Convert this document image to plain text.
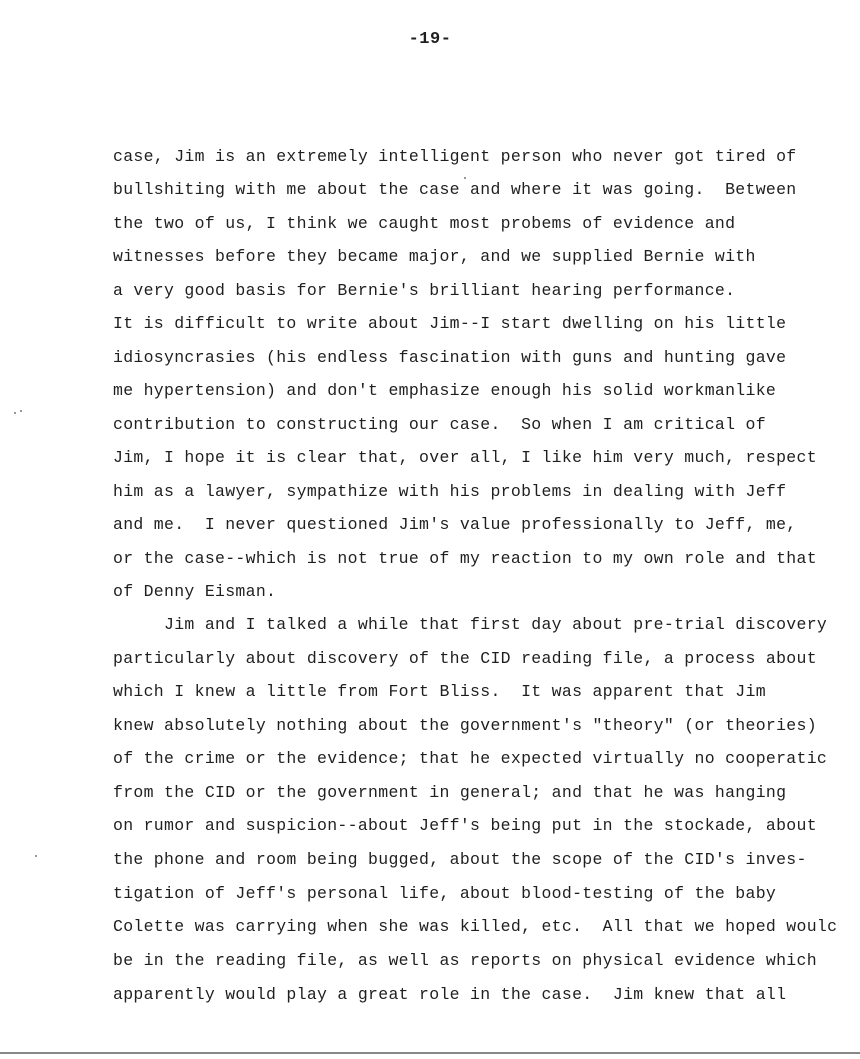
-19-
case, Jim is an extremely intelligent person who never got tired of
bullshiting with me about the case and where it was going.  Between
the two of us, I think we caught most probems of evidence and
witnesses before they became major, and we supplied Bernie with
a very good basis for Bernie's brilliant hearing performance.
It is difficult to write about Jim--I start dwelling on his little
idiosyncrasies (his endless fascination with guns and hunting gave
me hypertension) and don't emphasize enough his solid workmanlike
contribution to constructing our case.  So when I am critical of
Jim, I hope it is clear that, over all, I like him very much, respect
him as a lawyer, sympathize with his problems in dealing with Jeff
and me.  I never questioned Jim's value professionally to Jeff, me,
or the case--which is not true of my reaction to my own role and that
of Denny Eisman.
Jim and I talked a while that first day about pre-trial discovery
particularly about discovery of the CID reading file, a process about
which I knew a little from Fort Bliss.  It was apparent that Jim
knew absolutely nothing about the government's "theory" (or theories)
of the crime or the evidence; that he expected virtually no cooperatic
from the CID or the government in general; and that he was hanging
on rumor and suspicion--about Jeff's being put in the stockade, about
the phone and room being bugged, about the scope of the CID's inves-
tigation of Jeff's personal life, about blood-testing of the baby
Colette was carrying when she was killed, etc.  All that we hoped woulc
be in the reading file, as well as reports on physical evidence which
apparently would play a great role in the case.  Jim knew that all
